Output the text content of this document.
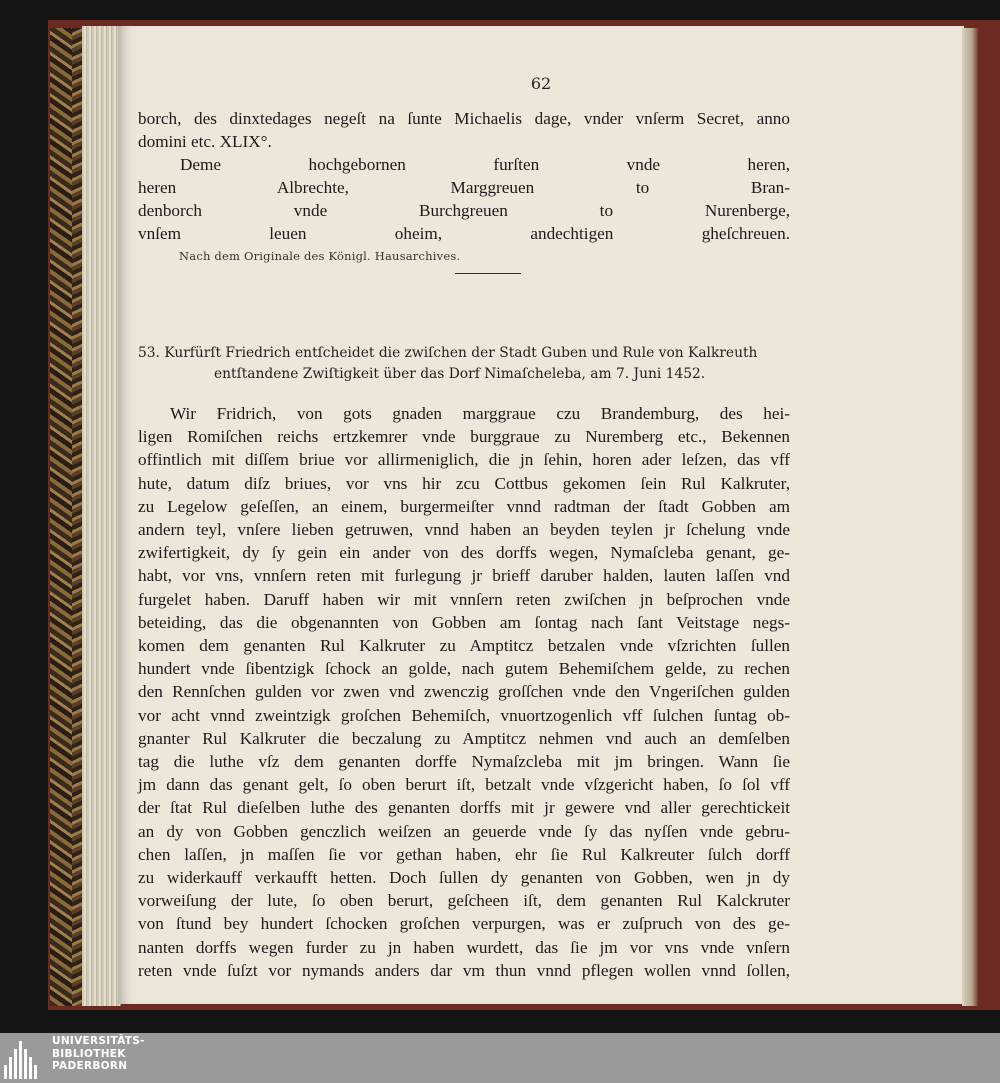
62

borch, des dinxtedages negeſt na ſunte Michaelis dage, vnder vnſerm Secret, anno
domini etc. XLIX°.

Deme hochgebornen furſten vnde heren,
heren Albrechte, Marggreuen to Bran-
denborch vnde Burchgreuen to Nurenberge,
vnſem leuen oheim, andechtigen gheſchreuen.
Nach dem Originale des Königl. Hausarchives.
53. Kurfürſt Friedrich entſcheidet die zwiſchen der Stadt Guben und Rule von Kalkreuth
entſtandene Zwiſtigkeit über das Dorf Nimaſcheleba, am 7. Juni 1452.

Wir Fridrich, von gots gnaden marggraue czu Brandemburg, des hei-
ligen Romiſchen reichs ertzkemrer vnde burggraue zu Nuremberg etc., Bekennen
offintlich mit diſſem briue vor allirmeniglich, die jn ſehin, horen ader leſzen, das vff
hute, datum diſz briues, vor vns hir zcu Cottbus gekomen ſein Rul Kalkruter,
zu Legelow geſeſſen, an einem, burgermeiſter vnnd radtman der ſtadt Gobben am
andern teyl, vnſere lieben getruwen, vnnd haben an beyden teylen jr ſchelung vnde
zwifertigkeit, dy ſy gein ein ander von des dorffs wegen, Nymaſcleba genant, ge-
habt, vor vns, vnnſern reten mit furlegung jr brieff daruber halden, lauten laſſen vnd
furgelet haben. Daruff haben wir mit vnnſern reten zwiſchen jn beſprochen vnde
beteiding, das die obgenannten von Gobben am ſontag nach ſant Veitstage negs-
komen dem genanten Rul Kalkruter zu Amptitcz betzalen vnde vſzrichten ſullen
hundert vnde ſibentzigk ſchock an golde, nach gutem Behemiſchem gelde, zu rechen
den Rennſchen gulden vor zwen vnd zwenczig groſſchen vnde den Vngeriſchen gulden
vor acht vnnd zweintzigk groſchen Behemiſch, vnuortzogenlich vff ſulchen ſuntag ob-
gnanter Rul Kalkruter die beczalung zu Amptitcz nehmen vnd auch an demſelben
tag die luthe vſz dem genanten dorffe Nymaſzcleba mit jm bringen. Wann ſie
jm dann das genant gelt, ſo oben berurt iſt, betzalt vnde vſzgericht haben, ſo ſol vff
der ſtat Rul dieſelben luthe des genanten dorffs mit jr gewere vnd aller gerechtickeit
an dy von Gobben genczlich weiſzen an geuerde vnde ſy das nyſſen vnde gebru-
chen laſſen, jn maſſen ſie vor gethan haben, ehr ſie Rul Kalkreuter ſulch dorff
zu widerkauff verkaufft hetten. Doch ſullen dy genanten von Gobben, wen jn dy
vorweiſung der lute, ſo oben berurt, geſcheen iſt, dem genanten Rul Kalckruter
von ſtund bey hundert ſchocken groſchen verpurgen, was er zuſpruch von des ge-
nanten dorffs wegen furder zu jn haben wurdett, das ſie jm vor vns vnde vnſern
reten vnde ſuſzt vor nymands anders dar vm thun vnnd pflegen wollen vnnd ſollen,

UNIVERSITÄTS-
BIBLIOTHEK
PADERBORN
